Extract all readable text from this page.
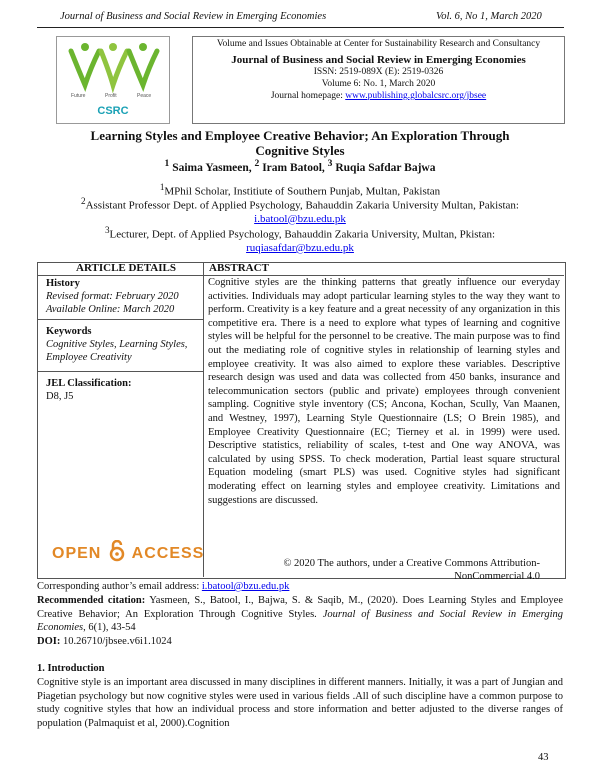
Journal of Business and Social Review in Emerging Economies	Vol. 6, No 1, March 2020
Future	Profit	Peace
CSRC
Volume and Issues Obtainable at Center for Sustainability Research and Consultancy
Journal of Business and Social Review in Emerging Economies
ISSN: 2519-089X (E): 2519-0326
Volume 6: No. 1, March 2020
Journal homepage: www.publishing.globalcsrc.org/jbsee
Learning Styles and Employee Creative Behavior; An Exploration Through
Cognitive Styles
$^1$ Saima Yasmeen, $^2$ Iram Batool, $^3$ Ruqia Safdar Bajwa
$^1$MPhil Scholar, Institiute of Southern Punjab, Multan, Pakistan
$^2$Assistant Professor Dept. of Applied Psychology, Bahauddin Zakaria University Multan, Pakistan:
i.batool@bzu.edu.pk
$^3$Lecturer, Dept. of Applied Psychology, Bahauddin Zakaria University, Multan, Pkistan:
ruqiasafdar@bzu.edu.pk
ARTICLE DETAILS	ABSTRACT
History
Revised format: February 2020
Available Online: March 2020
Keywords
Cognitive Styles, Learning Styles, Employee Creativity
JEL Classification:
D8, J5
Cognitive styles are the thinking patterns that greatly influence our everyday activities. Individuals may adopt particular learning styles to the way they want to perform. Creativity is a key feature and a great necessity of any organization in this competitive era. There is a need to explore what types of learning and cognitive styles will be helpful for the personnel to be creative. The main purpose was to find out the mediating role of cognitive styles in relationship of learning styles and employee creativity. It was also aimed to explore these variables. Descriptive research design was used and data was collected from 450 banks, insurance and telecommunication sectors (public and private) employees through convenient sampling. Cognitive style inventory (CS; Ancona, Kochan, Scully, Van Maanen, and Westney, 1997), Learning Style Questionnaire (LS; O Brein 1985), and Employee Creativity Questionnaire (EC; Tierney et al. in 1999) were used. Descriptive statistics, reliability of scales, t-test and One way ANOVA, was calculated by using SPSS. To check moderation, Partial least square structural Equation modeling (smart PLS) was used. Cognitive styles had significant moderating effect on learning styles and employee creativity. Limitations and suggestions are discussed.
OPEN ACCESS
© 2020 The authors, under a Creative Commons Attribution-
NonCommercial 4.0
Corresponding author’s email address: i.batool@bzu.edu.pk
Recommended citation: Yasmeen, S., Batool, I., Bajwa, S. & Saqib, M., (2020). Does Learning Styles and Employee Creative Behavior; An Exploration Through Cognitive Styles. Journal of Business and Social Review in Emerging Economies, 6(1), 43-54
DOI: 10.26710/jbsee.v6i1.1024
1. Introduction
Cognitive style is an important area discussed in many disciplines in different manners. Initially, it was a part of Jungian and Piagetian psychology but now cognitive styles were used in various fields .All of such discipline have a common purpose to study cognitive styles that how an individual process and store information and better adjusted to the diverse ranges of population (Palmaquist et al, 2000).Cognition
43
